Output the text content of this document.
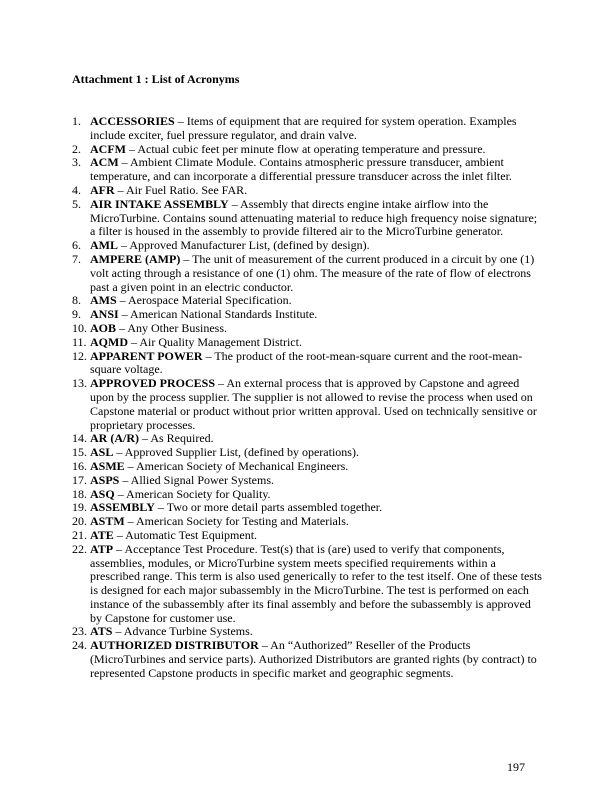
Attachment 1 : List of Acronyms
1. ACCESSORIES – Items of equipment that are required for system operation. Examples include exciter, fuel pressure regulator, and drain valve.
2. ACFM – Actual cubic feet per minute flow at operating temperature and pressure.
3. ACM – Ambient Climate Module. Contains atmospheric pressure transducer, ambient temperature, and can incorporate a differential pressure transducer across the inlet filter.
4. AFR – Air Fuel Ratio. See FAR.
5. AIR INTAKE ASSEMBLY – Assembly that directs engine intake airflow into the MicroTurbine. Contains sound attenuating material to reduce high frequency noise signature; a filter is housed in the assembly to provide filtered air to the MicroTurbine generator.
6. AML – Approved Manufacturer List, (defined by design).
7. AMPERE (AMP) – The unit of measurement of the current produced in a circuit by one (1) volt acting through a resistance of one (1) ohm. The measure of the rate of flow of electrons past a given point in an electric conductor.
8. AMS – Aerospace Material Specification.
9. ANSI – American National Standards Institute.
10. AOB – Any Other Business.
11. AQMD – Air Quality Management District.
12. APPARENT POWER – The product of the root-mean-square current and the root-mean-square voltage.
13. APPROVED PROCESS – An external process that is approved by Capstone and agreed upon by the process supplier. The supplier is not allowed to revise the process when used on Capstone material or product without prior written approval. Used on technically sensitive or proprietary processes.
14. AR (A/R) – As Required.
15. ASL – Approved Supplier List, (defined by operations).
16. ASME – American Society of Mechanical Engineers.
17. ASPS – Allied Signal Power Systems.
18. ASQ – American Society for Quality.
19. ASSEMBLY – Two or more detail parts assembled together.
20. ASTM – American Society for Testing and Materials.
21. ATE – Automatic Test Equipment.
22. ATP – Acceptance Test Procedure. Test(s) that is (are) used to verify that components, assemblies, modules, or MicroTurbine system meets specified requirements within a prescribed range. This term is also used generically to refer to the test itself. One of these tests is designed for each major subassembly in the MicroTurbine. The test is performed on each instance of the subassembly after its final assembly and before the subassembly is approved by Capstone for customer use.
23. ATS – Advance Turbine Systems.
24. AUTHORIZED DISTRIBUTOR – An “Authorized” Reseller of the Products (MicroTurbines and service parts). Authorized Distributors are granted rights (by contract) to represented Capstone products in specific market and geographic segments.
197
